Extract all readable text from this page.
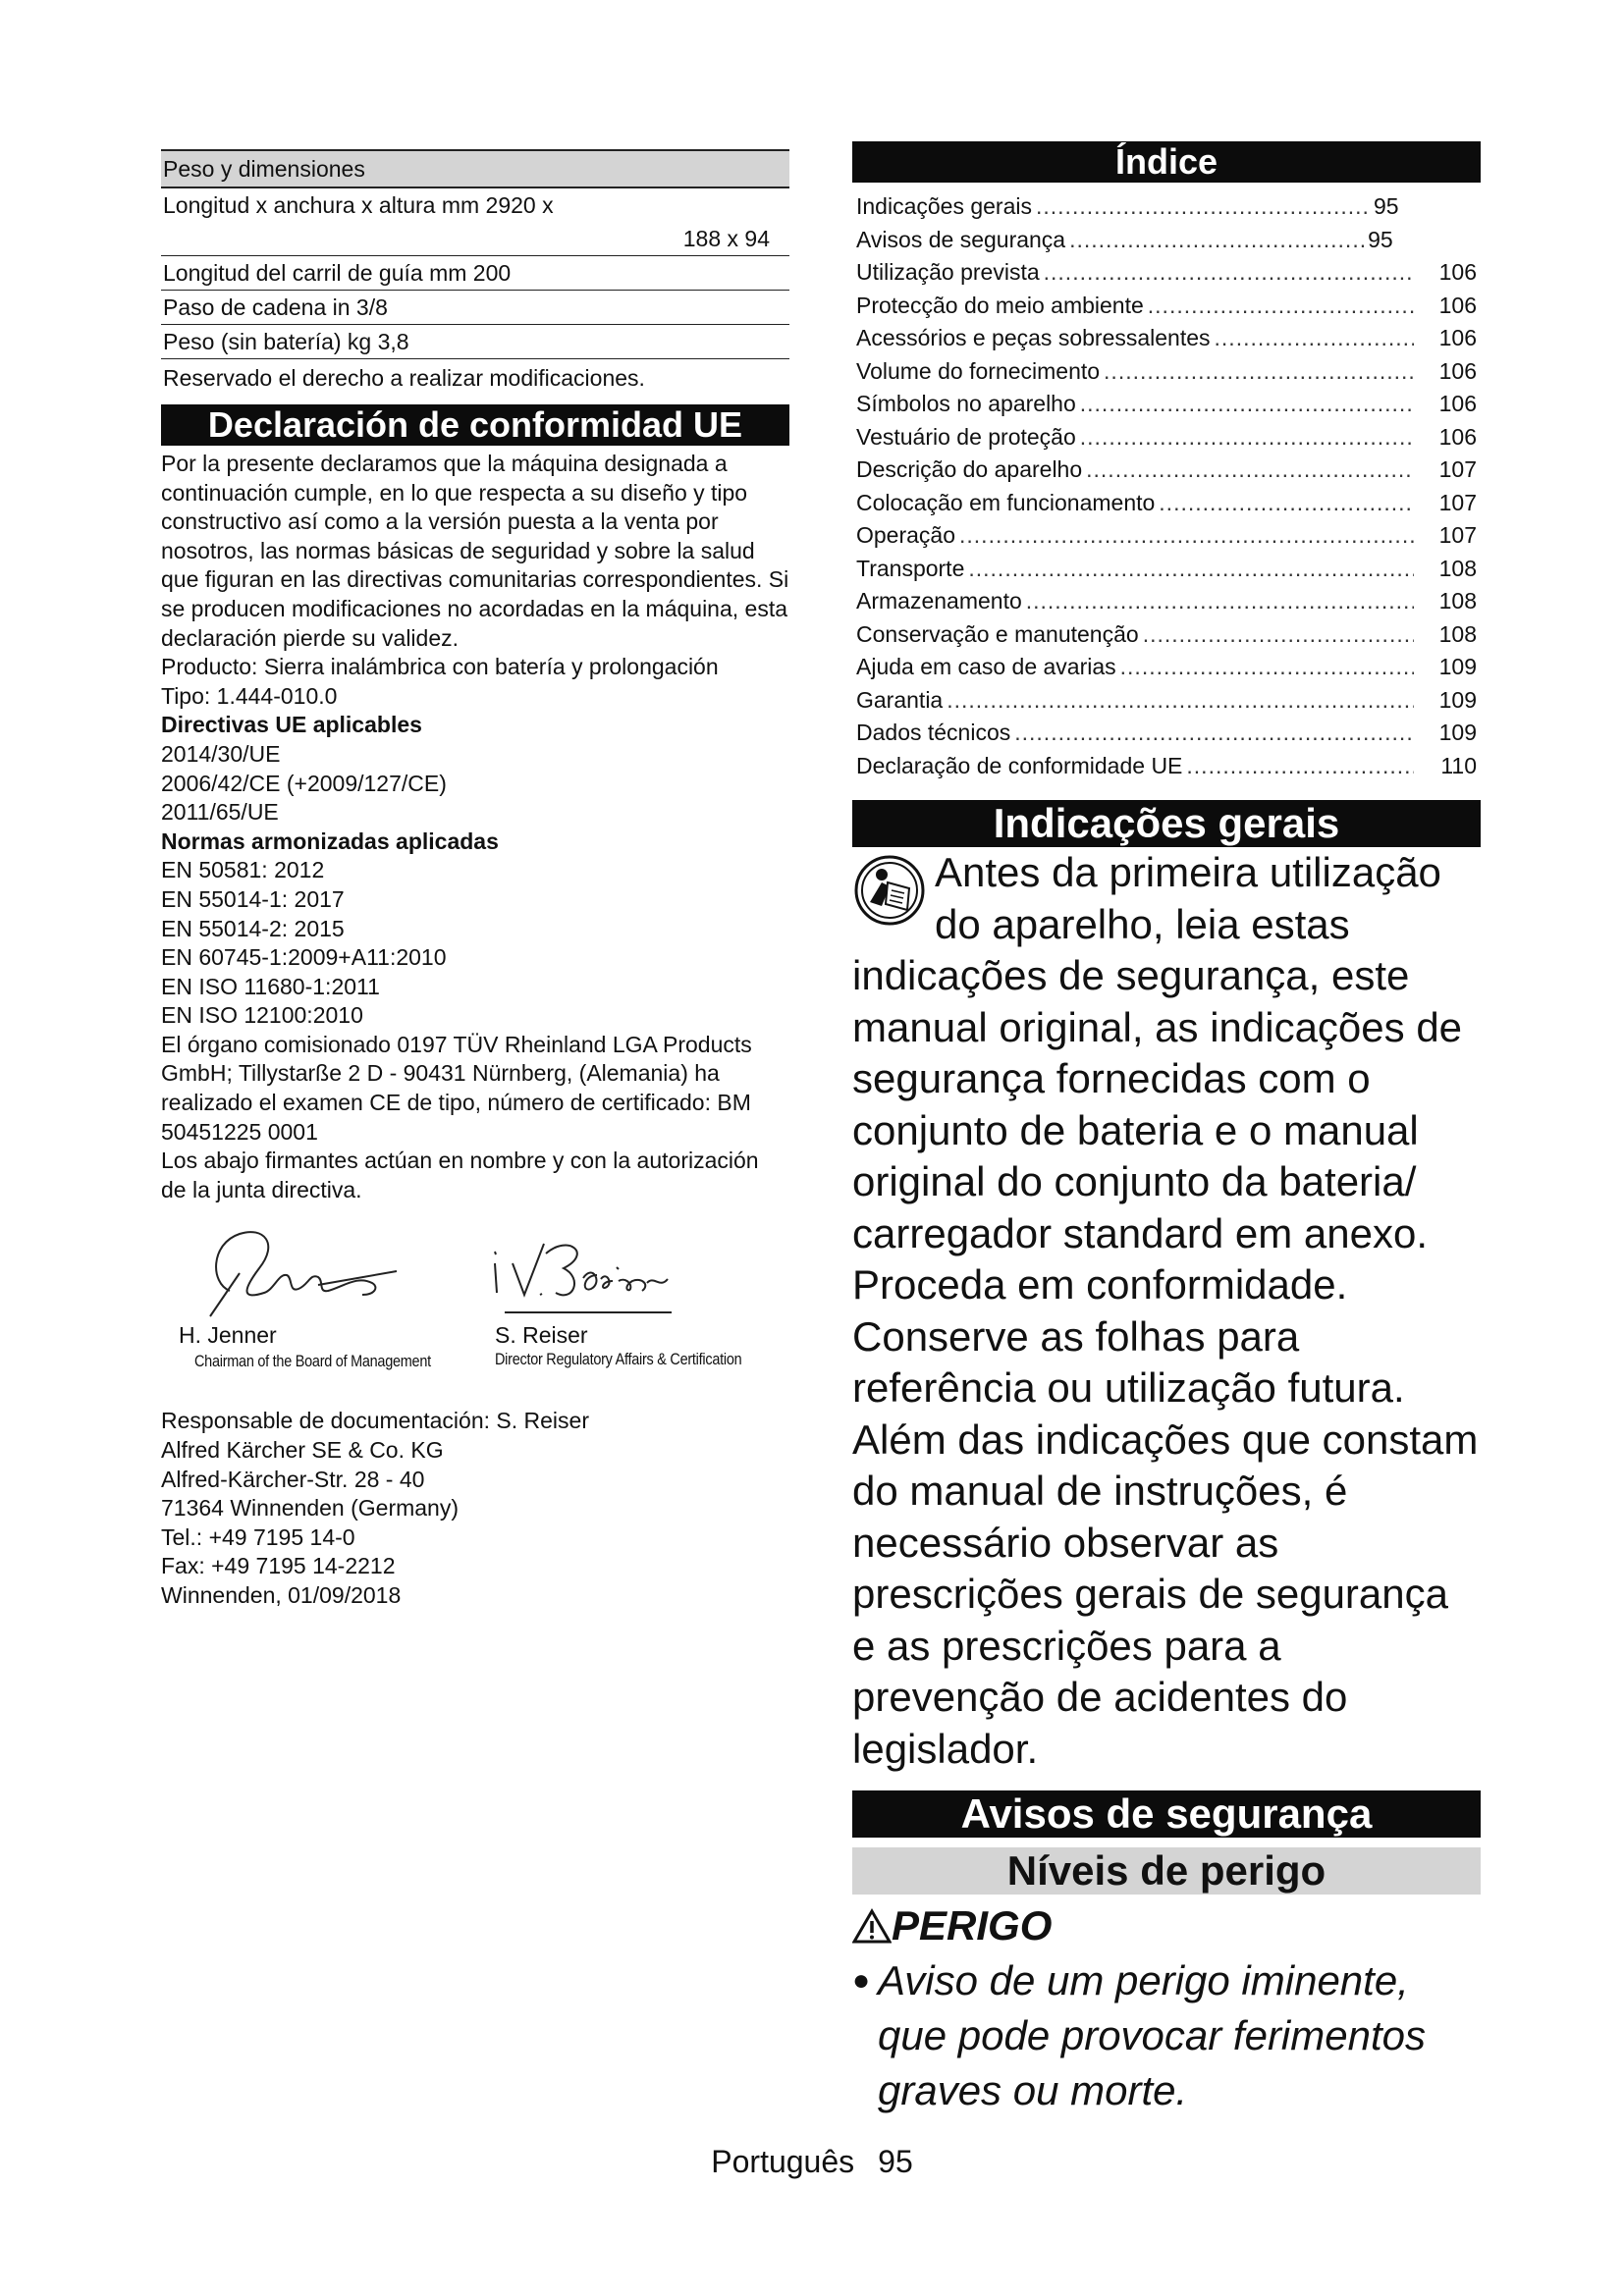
Peso y dimensiones
Longitud x anchura x altura mm 2920 x
188 x 94
Longitud del carril de guía mm 200
Paso de cadena in 3/8
Peso (sin batería) kg 3,8
Reservado el derecho a realizar modificaciones.
Declaración de conformidad UE

Por la presente declaramos que la máquina designada a continuación cumple, en lo que respecta a su diseño y tipo constructivo así como a la versión puesta a la venta por nosotros, las normas básicas de seguridad y sobre la salud que figuran en las directivas comunitarias correspondientes. Si se producen modificaciones no acordadas en la máquina, esta declaración pierde su validez.

Producto: Sierra inalámbrica con batería y prolongación

Tipo: 1.444-010.0

Directivas UE aplicables

2014/30/UE

2006/42/CE (+2009/127/CE)

2011/65/UE

Normas armonizadas aplicadas

EN 50581: 2012

EN 55014-1: 2017

EN 55014-2: 2015

EN 60745-1:2009+A11:2010

EN ISO 11680-1:2011

EN ISO 12100:2010

El órgano comisionado 0197 TÜV Rheinland LGA Products GmbH; Tillystarße 2 D - 90431 Nürnberg, (Alemania) ha realizado el examen CE de tipo, número de certificado: BM 50451225 0001

Los abajo firmantes actúan en nombre y con la autorización de la junta directiva.

H. Jenner
Chairman of the Board of Management
S. Reiser
Director Regulatory Affairs & Certification

Responsable de documentación: S. Reiser

Alfred Kärcher SE & Co. KG

Alfred-Kärcher-Str. 28 - 40

71364 Winnenden (Germany)

Tel.: +49 7195 14-0

Fax: +49 7195 14-2212

Winnenden, 01/09/2018

Índice
Indicações gerais .....	95
Avisos de segurança .....	95
Utilização prevista .....	106
Protecção do meio ambiente .....	106
Acessórios e peças sobressalentes .....	106
Volume do fornecimento .....	106
Símbolos no aparelho .....	106
Vestuário de proteção .....	106
Descrição do aparelho .....	107
Colocação em funcionamento .....	107
Operação .....	107
Transporte .....	108
Armazenamento .....	108
Conservação e manutenção .....	108
Ajuda em caso de avarias .....	109
Garantia .....	109
Dados técnicos .....	109
Declaração de conformidade UE .....	110
Indicações gerais

Antes da primeira utilização do aparelho, leia estas indicações de segurança, este manual original, as indicações de segurança fornecidas com o conjunto de bateria e o manual original do conjunto da bateria/ carregador standard em anexo. Proceda em conformidade. Conserve as folhas para referência ou utilização futura.

Além das indicações que constam do manual de instruções, é necessário observar as prescrições gerais de segurança e as prescrições para a prevenção de acidentes do legislador.

Avisos de segurança
Níveis de perigo
PERIGO
● Aviso de um perigo iminente, que pode provocar ferimentos graves ou morte.
Português 95
